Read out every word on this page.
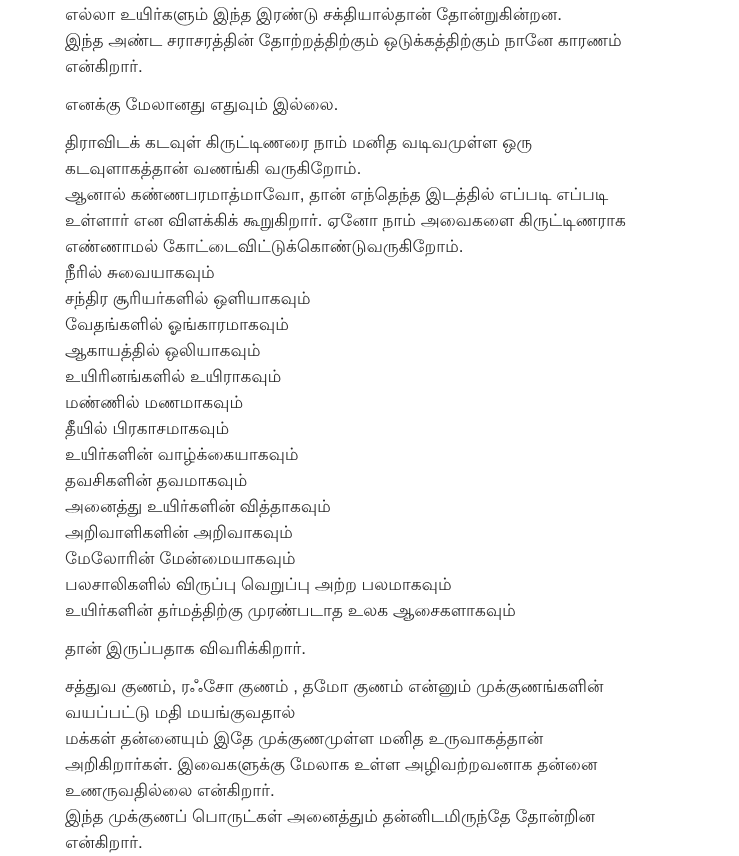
எல்லா உயிர்களும் இந்த இரண்டு சக்தியால்தான் தோன்றுகின்றன.
இந்த அண்ட சராசரத்தின் தோற்றத்திற்கும் ஒடுக்கத்திற்கும் நானே காரணம்
என்கிறார்.
எனக்கு மேலானது எதுவும் இல்லை.
திராவிடக் கடவுள் கிருட்டிணரை நாம் மனித வடிவமுள்ள ஒரு
கடவுளாகத்தான் வணங்கி வருகிறோம்.
ஆனால் கண்ணபரமாத்மாவோ, தான் எந்தெந்த இடத்தில் எப்படி எப்படி
உள்ளார் என விளக்கிக் கூறுகிறார். ஏனோ நாம் அவைகளை கிருட்டிணராக
எண்ணாமல் கோட்டைவிட்டுக்கொண்டுவருகிறோம்.
நீரில் சுவையாகவும்
சந்திர சூரியர்களில் ஒளியாகவும்
வேதங்களில் ஓங்காரமாகவும்
ஆகாயத்தில் ஒலியாகவும்
உயிரினங்களில் உயிராகவும்
மண்ணில் மணமாகவும்
தீயில் பிரகாசமாகவும்
உயிர்களின் வாழ்க்கையாகவும்
தவசிகளின் தவமாகவும்
அனைத்து உயிர்களின் வித்தாகவும்
அறிவாளிகளின் அறிவாகவும்
மேலோரின் மேன்மையாகவும்
பலசாலிகளில் விருப்பு வெறுப்பு அற்ற பலமாகவும்
உயிர்களின் தர்மத்திற்கு முரண்படாத உலக ஆசைகளாகவும்
தான் இருப்பதாக விவரிக்கிறார்.
சத்துவ குணம், ரஃசோ குணம் , தமோ குணம் என்னும் முக்குணங்களின்
வயப்பட்டு மதி மயங்குவதால்
மக்கள் தன்னையும் இதே முக்குணமுள்ள மனித உருவாகத்தான்
அறிகிறார்கள். இவைகளுக்கு மேலாக உள்ள அழிவற்றவனாக தன்னை
உணருவதில்லை என்கிறார்.
இந்த முக்குணப் பொருட்கள் அனைத்தும் தன்னிடமிருந்தே தோன்றின
என்கிறார்.
